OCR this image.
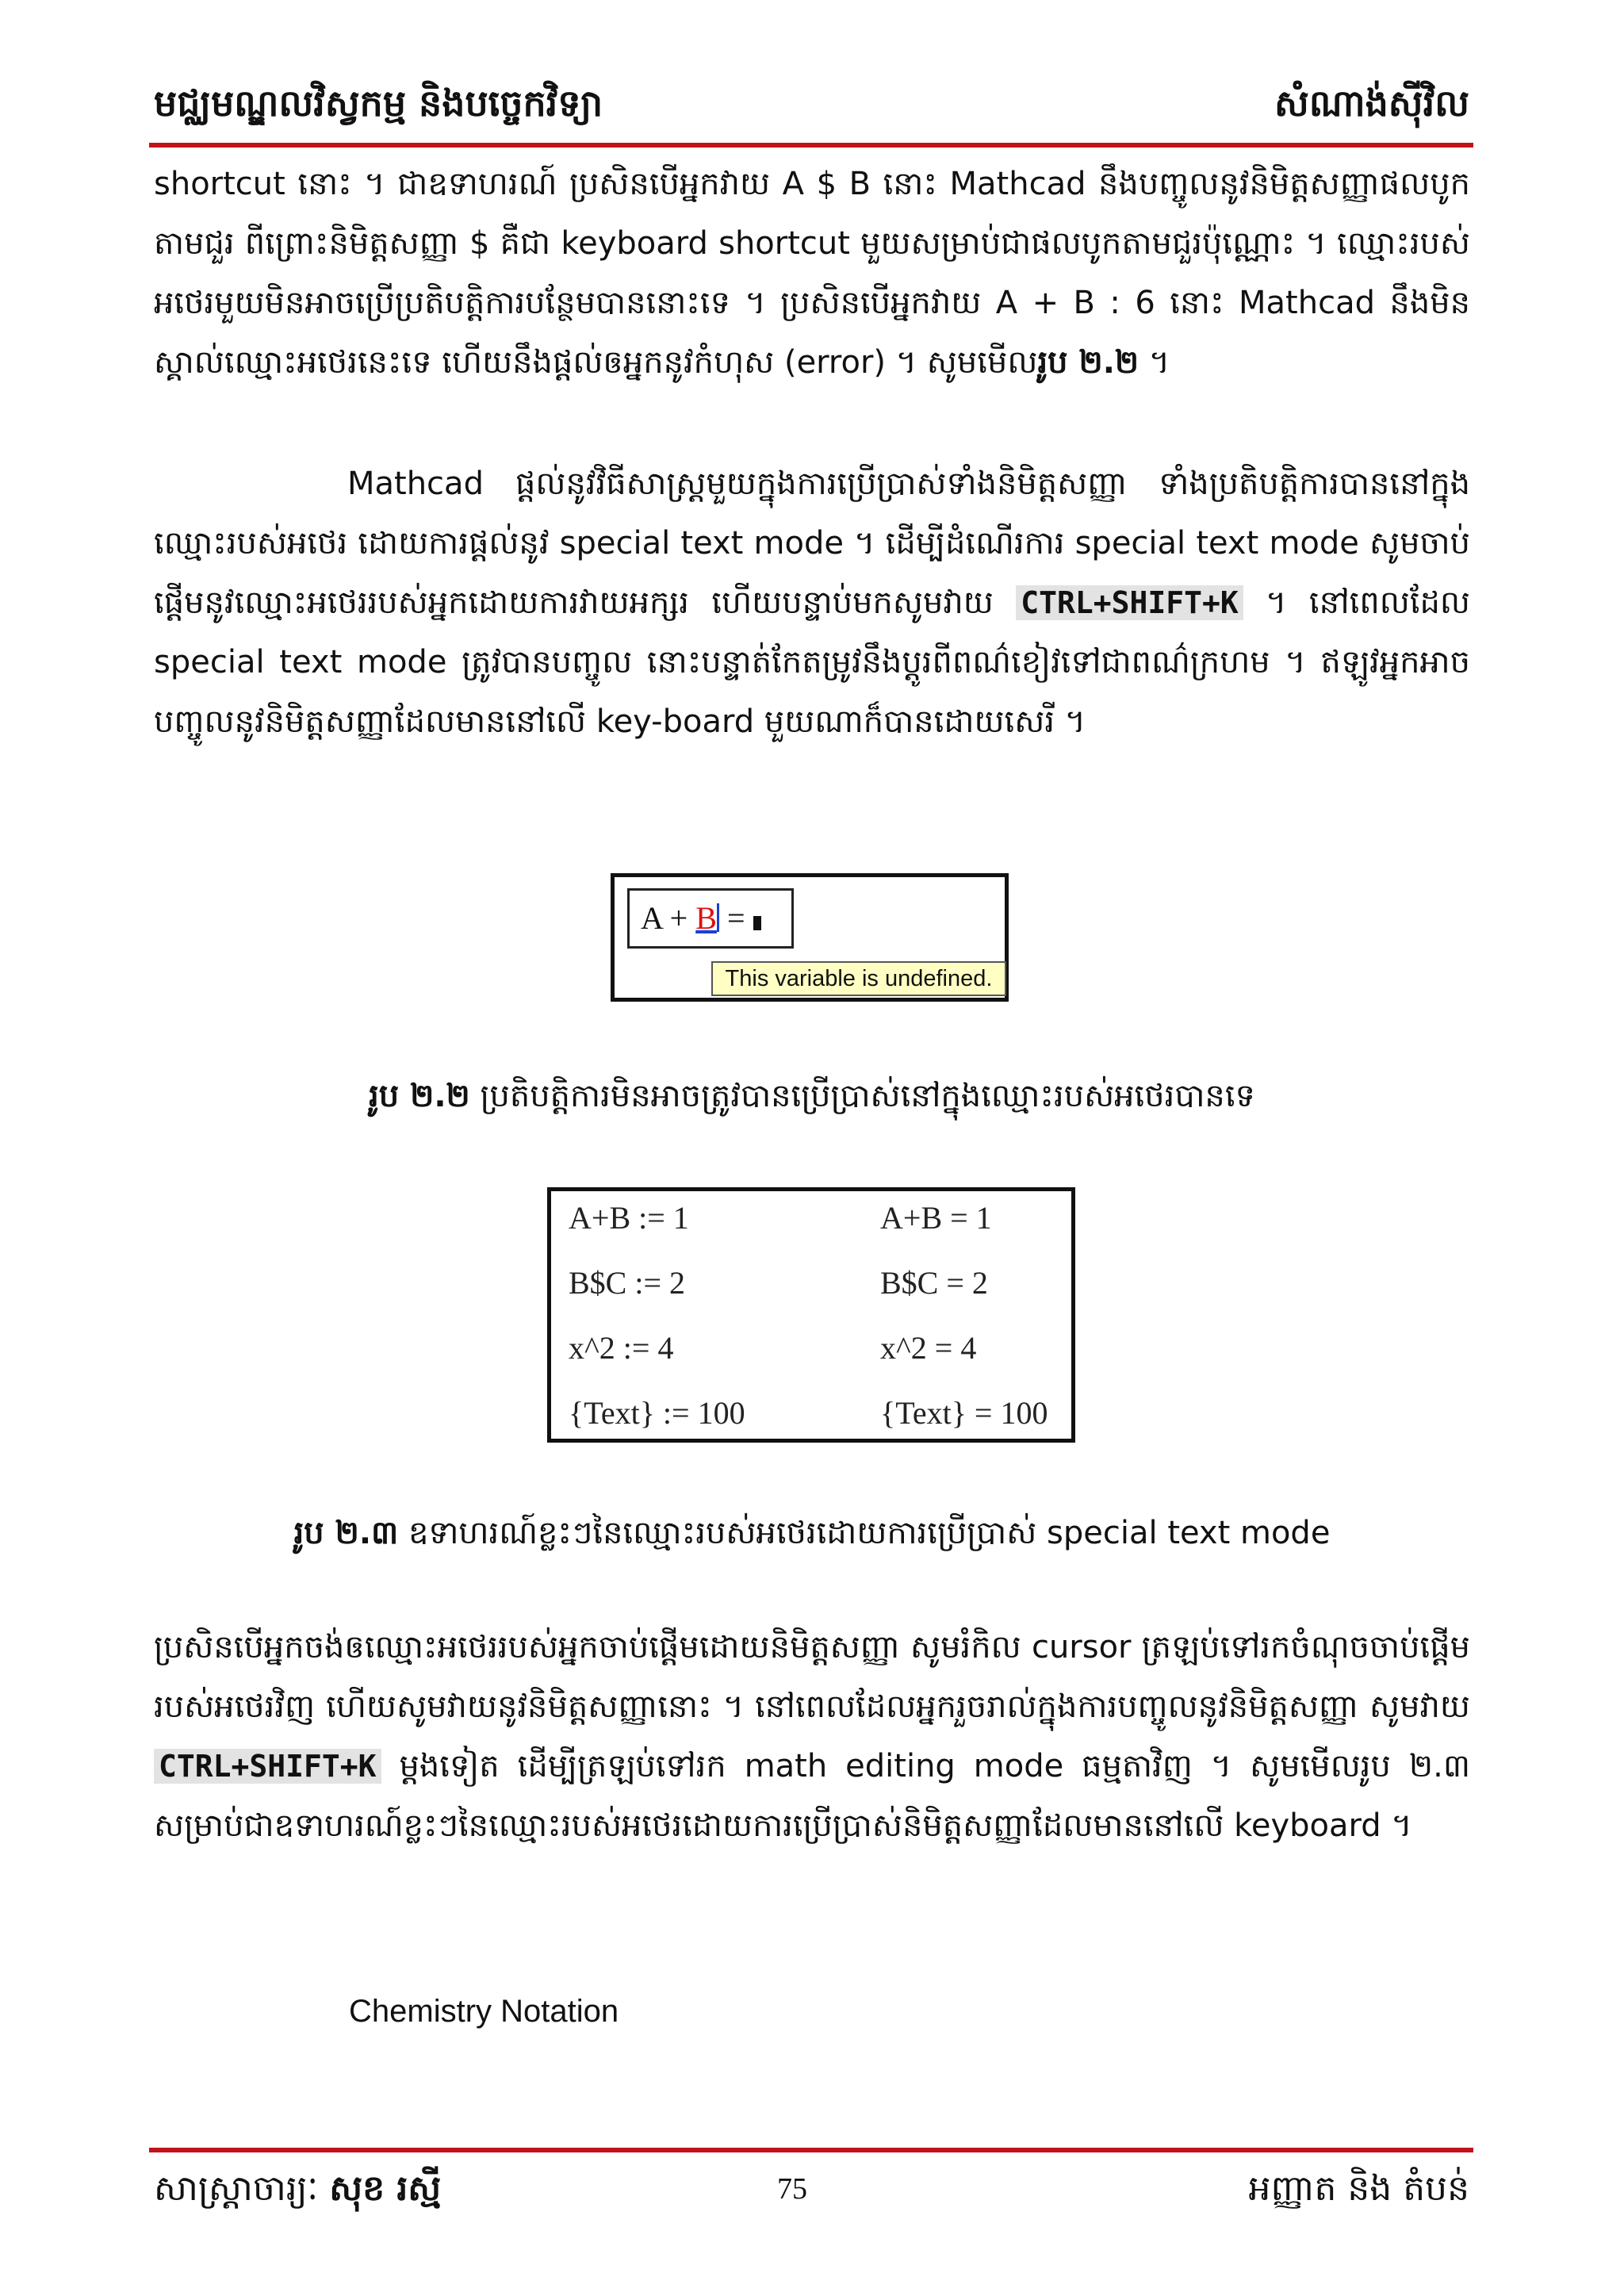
មជ្ឈមណ្ឌលវិស្វកម្ម និងបច្ចេកវិទ្យា	សំណាង់ស៊ីវិល

shortcut នោះ ។ ជាឧទាហរណ៍ ប្រសិនបើអ្នកវាយ A $ B នោះ Mathcad នឹងបញ្ចូលនូវនិមិត្តសញ្ញាផលបូកតាមជួរ ពីព្រោះនិមិត្តសញ្ញា $ គឺជា keyboard shortcut មួយសម្រាប់ជាផលបូកតាមជួរប៉ុណ្ណោះ ។ ឈ្មោះរបស់អថេរមួយមិនអាចប្រើប្រតិបត្តិការបន្ថែមបាននោះទេ ។ ប្រសិនបើអ្នកវាយ A + B : 6 នោះ Mathcad នឹងមិនស្គាល់ឈ្មោះអថេរនេះទេ ហើយនឹងផ្តល់ឲអ្នកនូវកំហុស (error) ។ សូមមើលរូប ២.២ ។

Mathcad ផ្តល់នូវវិធីសាស្ត្រមួយក្នុងការប្រើប្រាស់ទាំងនិមិត្តសញ្ញា ទាំងប្រតិបត្តិការបាននៅក្នុងឈ្មោះរបស់អថេរ ដោយការផ្តល់នូវ special text mode ។ ដើម្បីដំណើរការ special text mode សូមចាប់ផ្តើមនូវឈ្មោះអថេររបស់អ្នកដោយការវាយអក្សរ ហើយបន្ទាប់មកសូមវាយ CTRL+SHIFT+K ។ នៅពេលដែល special text mode ត្រូវបានបញ្ចូល នោះបន្ទាត់កែតម្រូវនឹងប្តូរពីពណ៌ខៀវទៅជាពណ៌ក្រហម ។ ឥឡូវអ្នកអាចបញ្ចូលនូវនិមិត្តសញ្ញាដែលមាននៅលើ key-board មួយណាក៏បានដោយសេរី ។

A + B =
This variable is undefined.
រូប ២.២ ប្រតិបត្តិការមិនអាចត្រូវបានប្រើប្រាស់នៅក្នុងឈ្មោះរបស់អថេរបានទេ
A+B := 1	A+B = 1
B$C := 2	B$C = 2
x^2 := 4	x^2 = 4
{Text} := 100	{Text} = 100
រូប ២.៣ ឧទាហរណ៍ខ្លះៗនៃឈ្មោះរបស់អថេរដោយការប្រើប្រាស់ special text mode

ប្រសិនបើអ្នកចង់ឲឈ្មោះអថេររបស់អ្នកចាប់ផ្តើមដោយនិមិត្តសញ្ញា សូមរំកិល cursor ត្រឡប់ទៅរកចំណុចចាប់ផ្តើមរបស់អថេរវិញ ហើយសូមវាយនូវនិមិត្តសញ្ញានោះ ។ នៅពេលដែលអ្នករួចរាល់ក្នុងការបញ្ចូលនូវនិមិត្តសញ្ញា សូមវាយ CTRL+SHIFT+K ម្តងទៀត ដើម្បីត្រឡប់ទៅរក math editing mode ធម្មតាវិញ ។ សូមមើលរូប ២.៣ សម្រាប់ជាឧទាហរណ៍ខ្លះៗនៃឈ្មោះរបស់អថេរដោយការប្រើប្រាស់និមិត្តសញ្ញាដែលមាននៅលើ keyboard ។

Chemistry Notation
សាស្ត្រាចារ្យៈ សុខ រស្មី	75	អញ្ញាត និង តំបន់
